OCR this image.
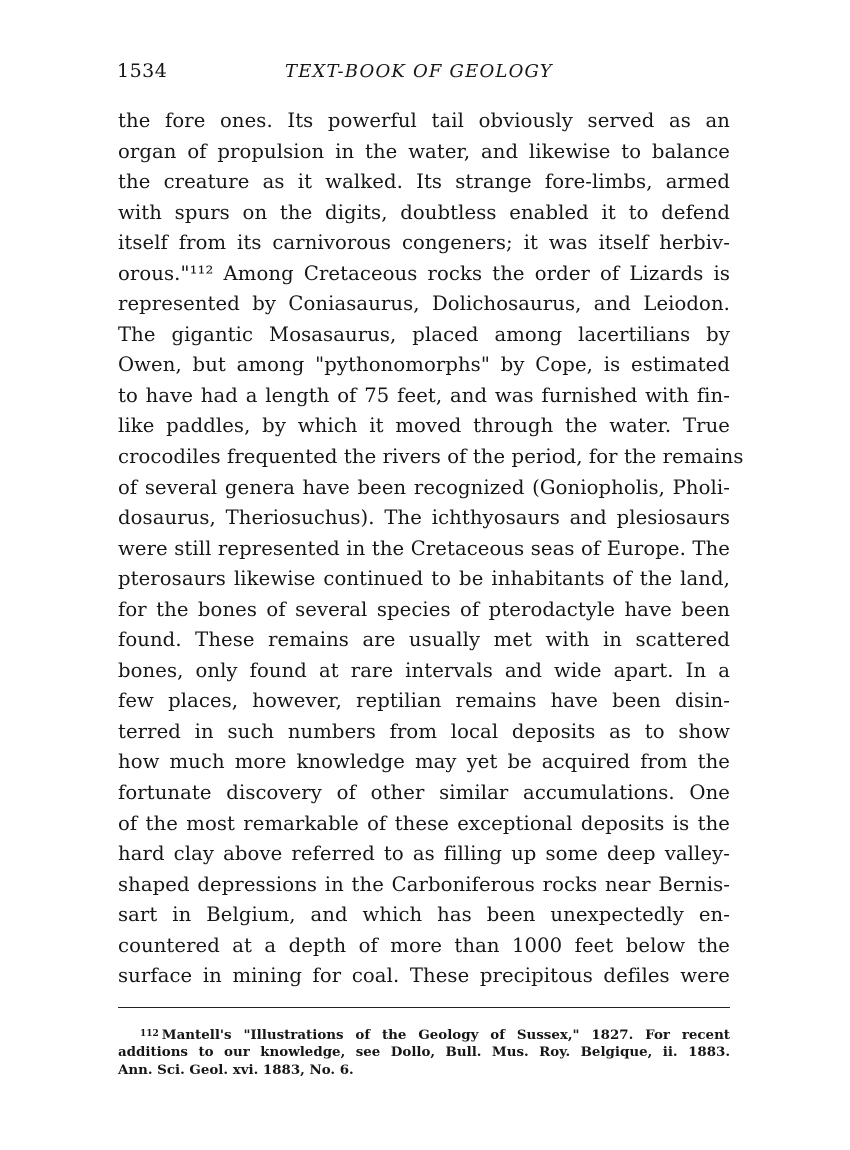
1534	TEXT-BOOK OF GEOLOGY
the fore ones. Its powerful tail obviously served as an
organ of propulsion in the water, and likewise to balance
the creature as it walked. Its strange fore-limbs, armed
with spurs on the digits, doubtless enabled it to defend
itself from its carnivorous congeners; it was itself herbiv-
orous."¹¹² Among Cretaceous rocks the order of Lizards is
represented by Coniasaurus, Dolichosaurus, and Leiodon.
The gigantic Mosasaurus, placed among lacertilians by
Owen, but among "pythonomorphs" by Cope, is estimated
to have had a length of 75 feet, and was furnished with fin-
like paddles, by which it moved through the water. True
crocodiles frequented the rivers of the period, for the remains
of several genera have been recognized (Goniopholis, Pholi-
dosaurus, Theriosuchus). The ichthyosaurs and plesiosaurs
were still represented in the Cretaceous seas of Europe. The
pterosaurs likewise continued to be inhabitants of the land,
for the bones of several species of pterodactyle have been
found. These remains are usually met with in scattered
bones, only found at rare intervals and wide apart. In a
few places, however, reptilian remains have been disin-
terred in such numbers from local deposits as to show
how much more knowledge may yet be acquired from the
fortunate discovery of other similar accumulations. One
of the most remarkable of these exceptional deposits is the
hard clay above referred to as filling up some deep valley-
shaped depressions in the Carboniferous rocks near Bernis-
sart in Belgium, and which has been unexpectedly en-
countered at a depth of more than 1000 feet below the
surface in mining for coal. These precipitous defiles were
$^{112}$ Mantell's "Illustrations of the Geology of Sussex," 1827. For recent
additions to our knowledge, see Dollo, Bull. Mus. Roy. Belgique, ii. 1883.
Ann. Sci. Geol. xvi. 1883, No. 6.
